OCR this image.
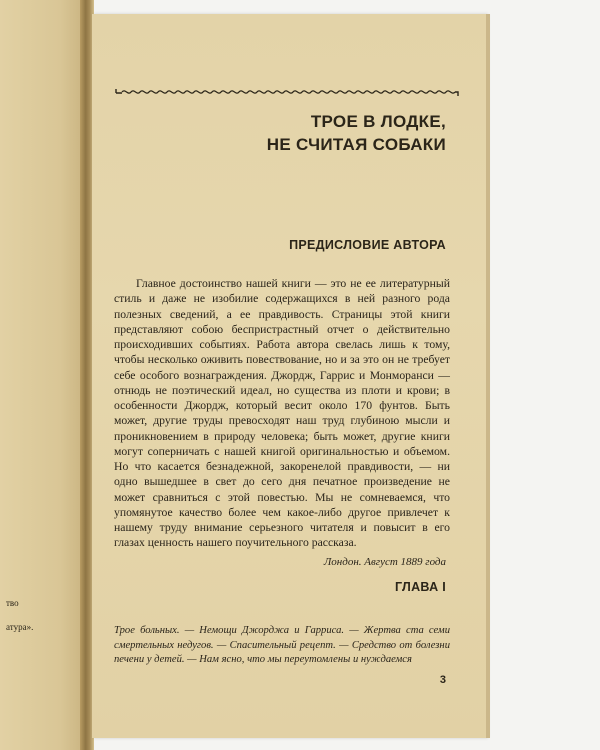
тво
атура».
ТРОЕ В ЛОДКЕ,
НЕ СЧИТАЯ СОБАКИ
ПРЕДИСЛОВИЕ АВТОРА

Главное достоинство нашей книги — это не ее литературный стиль и даже не изобилие содержащихся в ней разного рода полезных сведений, а ее правдивость. Страницы этой книги представляют собою беспристрастный отчет о действительно происходивших событиях. Работа автора свелась лишь к тому, чтобы несколько оживить повествование, но и за это он не требует себе особого вознаграждения. Джордж, Гаррис и Монморанси — отнюдь не поэтический идеал, но существа из плоти и крови; в особенности Джордж, который весит около 170 фунтов. Быть может, другие труды превосходят наш труд глубиною мысли и проникновением в природу человека; быть может, другие книги могут соперничать с нашей книгой оригинальностью и объемом. Но что касается безнадежной, закоренелой правдивости, — ни одно вышедшее в свет до сего дня печатное произведение не может сравниться с этой повестью. Мы не сомневаемся, что упомянутое качество более чем какое-либо другое привлечет к нашему труду внимание серьезного читателя и повысит в его глазах ценность нашего поучительного рассказа.

Лондон. Август 1889 года
ГЛАВА I
Трое больных. — Немощи Джорджа и Гарриса. — Жертва ста семи смертельных недугов. — Спасительный рецепт. — Средство от болезни печени у детей. — Нам ясно, что мы переутомлены и нуждаемся
3
